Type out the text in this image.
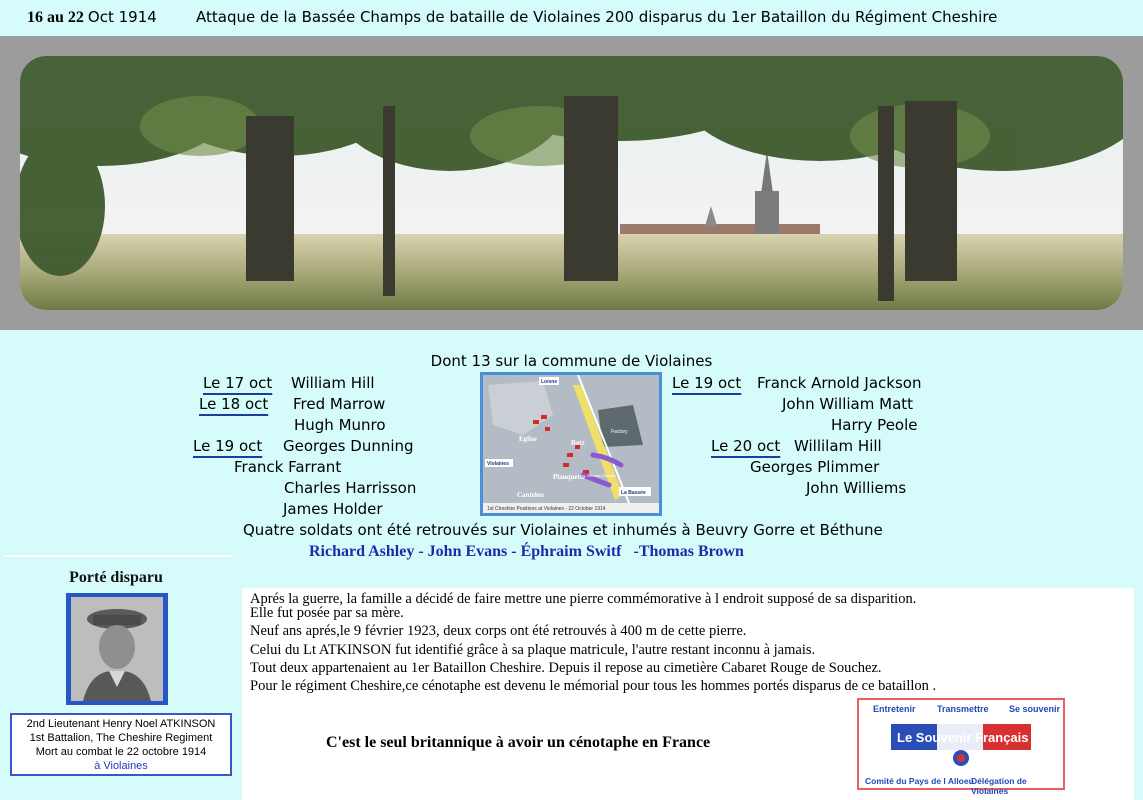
16 au 22 Oct 1914	Attaque de la Bassée Champs de bataille de Violaines 200 disparus du 1er Bataillon du Régiment Cheshire
Dont 13 sur la commune de Violaines
Le 17 oct William Hill
Le 18 oct Fred Marrow
Hugh Munro
Le 19 oct Georges Dunning
Franck Farrant
Charles Harrisson
James Holder
Le 19 oct Franck Arnold Jackson
John William Matt
Harry Peole
Le 20 oct Willilam Hill
Georges Plimmer
John Williems
Loisne
Eglise
Violaines
Retz
Factory
Planquette German Attacks
Canteleu	La Bassée
1st Cheshire Positions at Violaines - 22 October 1914
Quatre soldats ont été retrouvés sur Violaines et inhumés à Beuvry Gorre et Béthune
Richard Ashley - John Evans - Éphraim Switf   -Thomas Brown
Porté disparu
2nd Lieutenant Henry Noel ATKINSON
1st Battalion, The Cheshire Regiment
Mort au combat le 22 octobre 1914
à Violaines
Aprés la guerre, la famille a décidé de faire mettre une pierre commémorative à l endroit supposé de sa disparition.
Elle fut posée par sa mère.
Neuf ans aprés,le 9 février 1923, deux corps ont été retrouvés à 400 m de cette pierre.
Celui du Lt ATKINSON fut identifié grâce à sa plaque matricule, l'autre restant inconnu à jamais.
Tout deux appartenaient au 1er Bataillon Cheshire. Depuis il repose au cimetière Cabaret Rouge de Souchez.
Pour le régiment Cheshire,ce cénotaphe est devenu le mémorial pour tous les hommes portés disparus de ce bataillon .
C'est le seul britannique à avoir un cénotaphe en France
Entretenir Transmettre Se souvenir
Le Souvenir Français
Comité du Pays de l Alloeu
Délégation de Violaines
